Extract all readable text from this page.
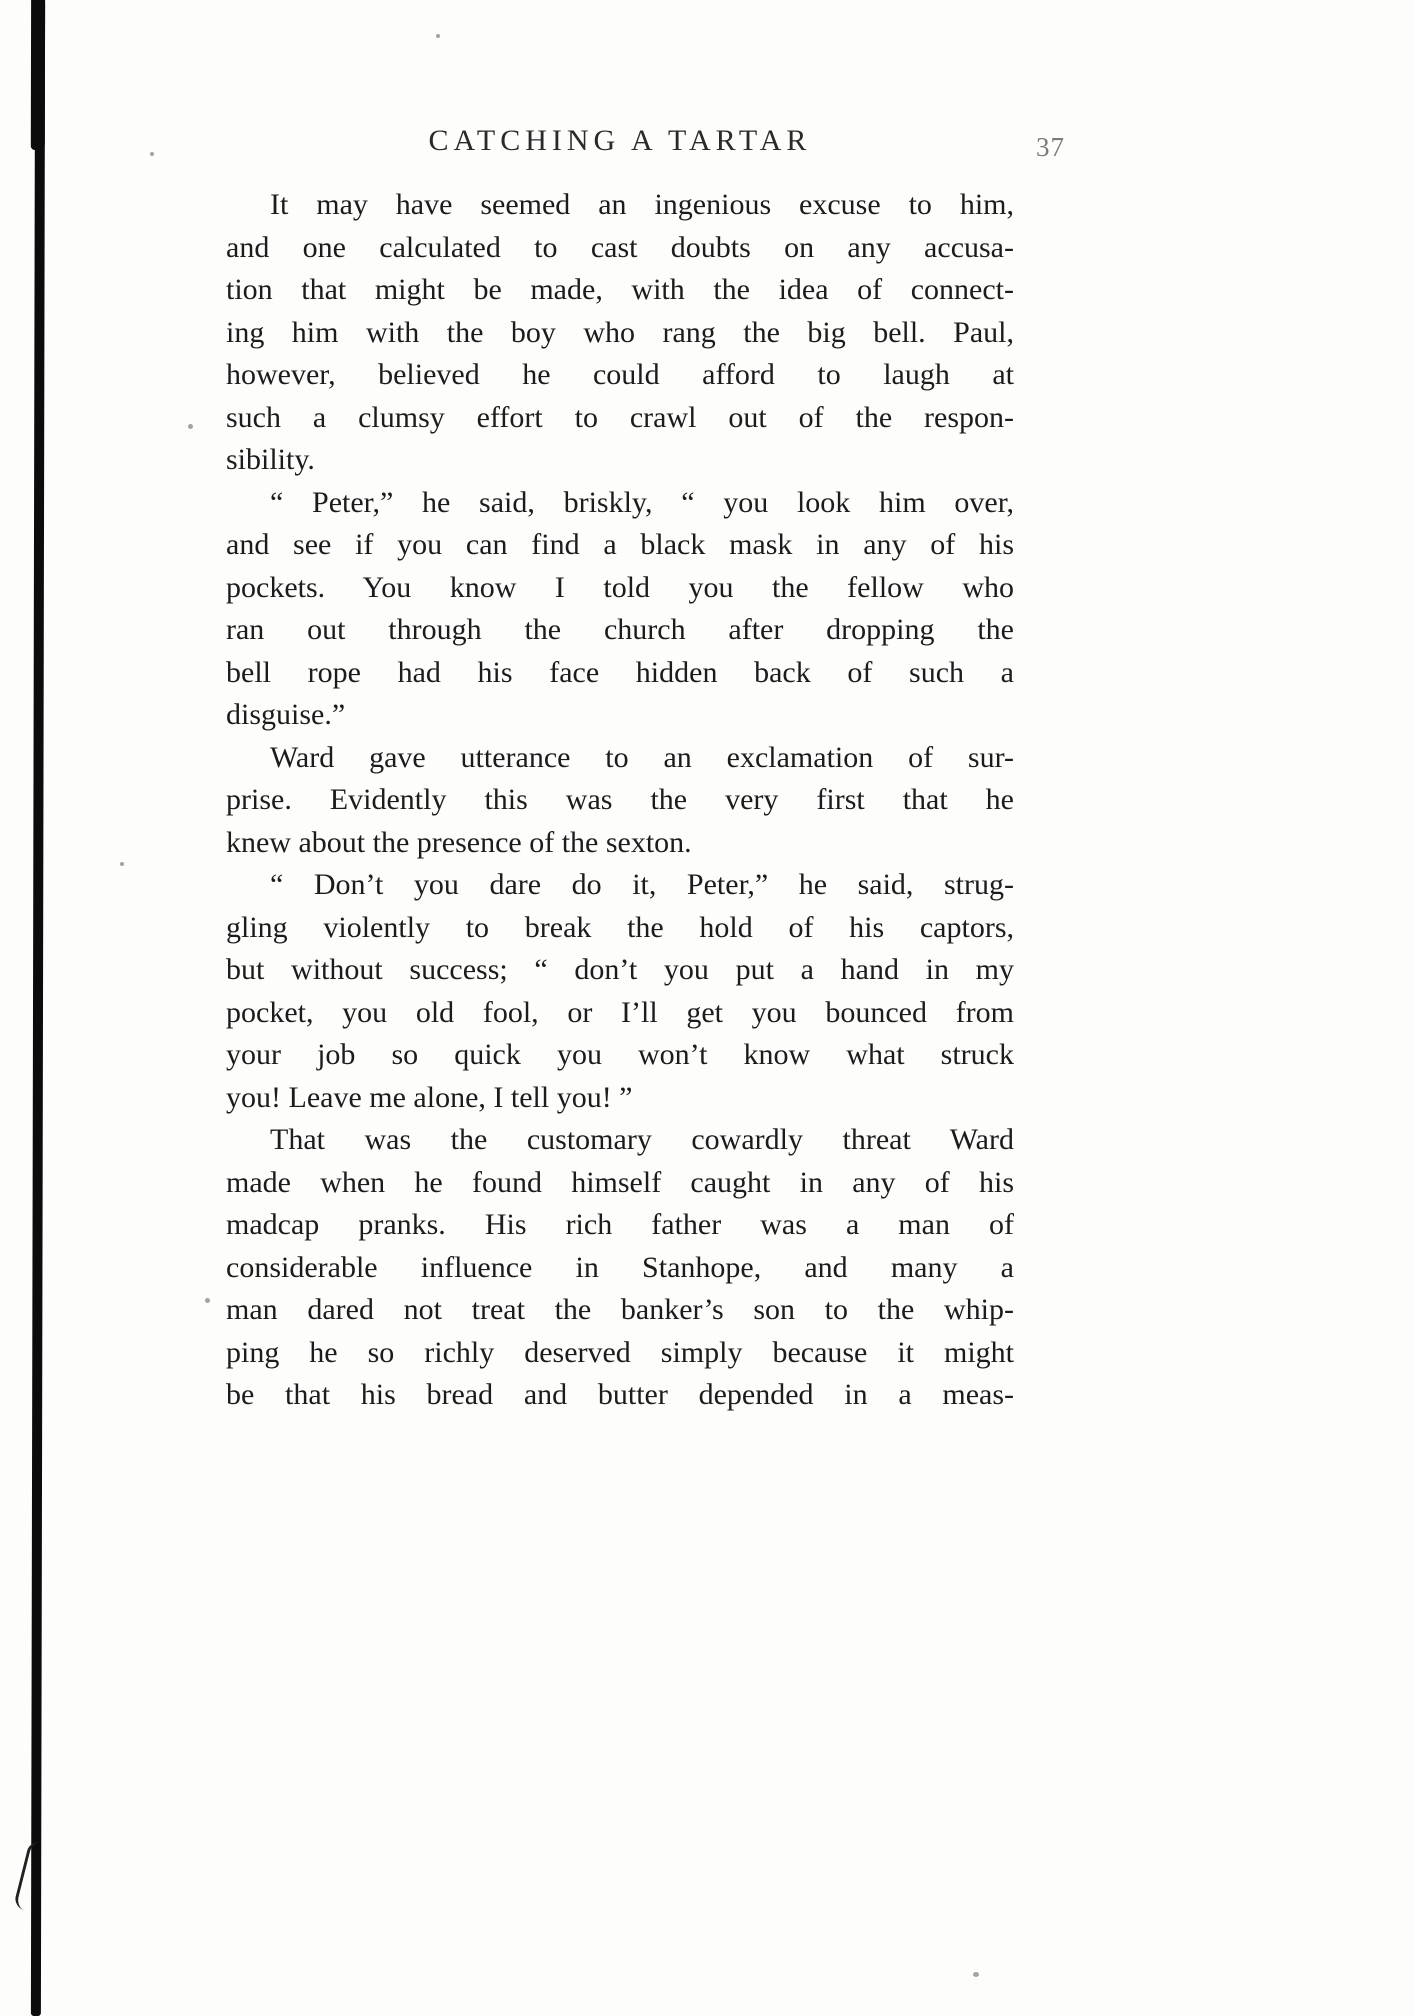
37
CATCHING A TARTAR
It may have seemed an ingenious excuse to him,
and one calculated to cast doubts on any accusa-
tion that might be made, with the idea of connect-
ing him with the boy who rang the big bell. Paul,
however, believed he could afford to laugh at
such a clumsy effort to crawl out of the respon-
sibility.
“ Peter,” he said, briskly, “ you look him over,
and see if you can find a black mask in any of his
pockets. You know I told you the fellow who
ran out through the church after dropping the
bell rope had his face hidden back of such a
disguise.”
Ward gave utterance to an exclamation of sur-
prise. Evidently this was the very first that he
knew about the presence of the sexton.
“ Don’t you dare do it, Peter,” he said, strug-
gling violently to break the hold of his captors,
but without success; “ don’t you put a hand in my
pocket, you old fool, or I’ll get you bounced from
your job so quick you won’t know what struck
you! Leave me alone, I tell you! ”
That was the customary cowardly threat Ward
made when he found himself caught in any of his
madcap pranks. His rich father was a man of
considerable influence in Stanhope, and many a
man dared not treat the banker’s son to the whip-
ping he so richly deserved simply because it might
be that his bread and butter depended in a meas-
